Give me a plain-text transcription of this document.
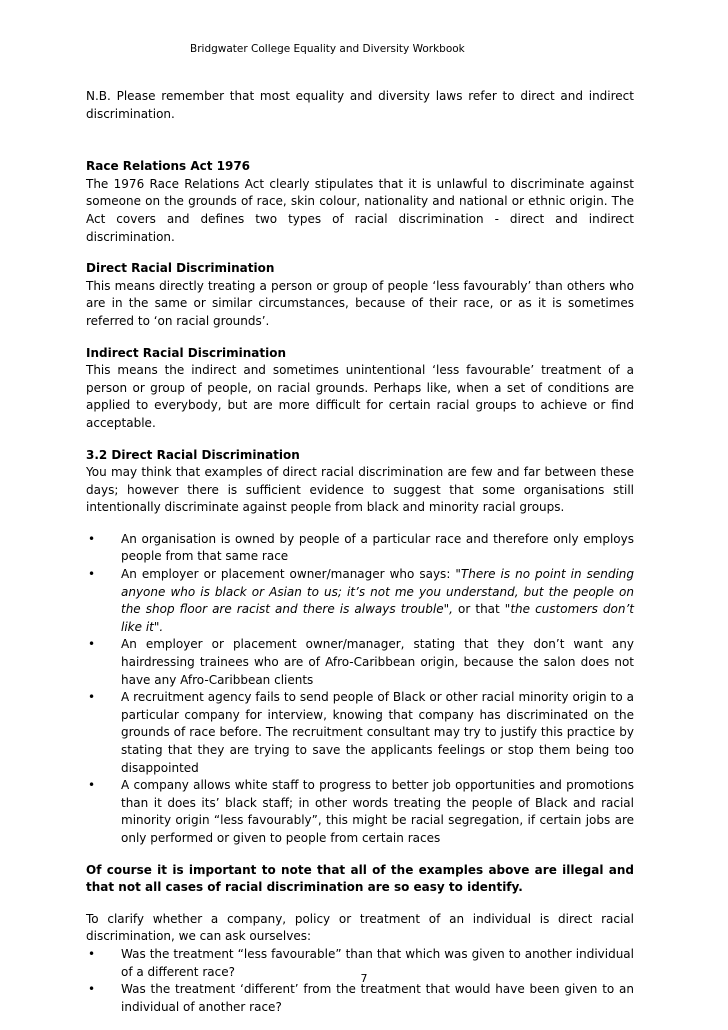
Bridgwater College Equality and Diversity Workbook

N.B. Please remember that most equality and diversity laws refer to direct and indirect discrimination.

Race Relations Act 1976

The 1976 Race Relations Act clearly stipulates that it is unlawful to discriminate against someone on the grounds of race, skin colour, nationality and national or ethnic origin. The Act covers and defines two types of racial discrimination - direct and indirect discrimination.

Direct Racial Discrimination

This means directly treating a person or group of people ‘less favourably’ than others who are in the same or similar circumstances, because of their race, or as it is sometimes referred to ‘on racial grounds’.

Indirect Racial Discrimination

This means the indirect and sometimes unintentional ‘less favourable’ treatment of a person or group of people, on racial grounds. Perhaps like, when a set of conditions are applied to everybody, but are more difficult for certain racial groups to achieve or find acceptable.

3.2 Direct Racial Discrimination

You may think that examples of direct racial discrimination are few and far between these days; however there is sufficient evidence to suggest that some organisations still intentionally discriminate against people from black and minority racial groups.

•	An organisation is owned by people of a particular race and therefore only employs people from that same race
•	An employer or placement owner/manager who says: "There is no point in sending anyone who is black or Asian to us; it’s not me you understand, but the people on the shop floor are racist and there is always trouble", or that "the customers don’t like it".
•	An employer or placement owner/manager, stating that they don’t want any hairdressing trainees who are of Afro-Caribbean origin, because the salon does not have any Afro-Caribbean clients
•	A recruitment agency fails to send people of Black or other racial minority origin to a particular company for interview, knowing that company has discriminated on the grounds of race before. The recruitment consultant may try to justify this practice by stating that they are trying to save the applicants feelings or stop them being too disappointed
•	A company allows white staff to progress to better job opportunities and promotions than it does its’ black staff; in other words treating the people of Black and racial minority origin “less favourably”, this might be racial segregation, if certain jobs are only performed or given to people from certain races

Of course it is important to note that all of the examples above are illegal and that not all cases of racial discrimination are so easy to identify.

To clarify whether a company, policy or treatment of an individual is direct racial discrimination, we can ask ourselves:

•	Was the treatment “less favourable” than that which was given to another individual of a different race?
•	Was the treatment ‘different’ from the treatment that would have been given to an individual of another race?
7
